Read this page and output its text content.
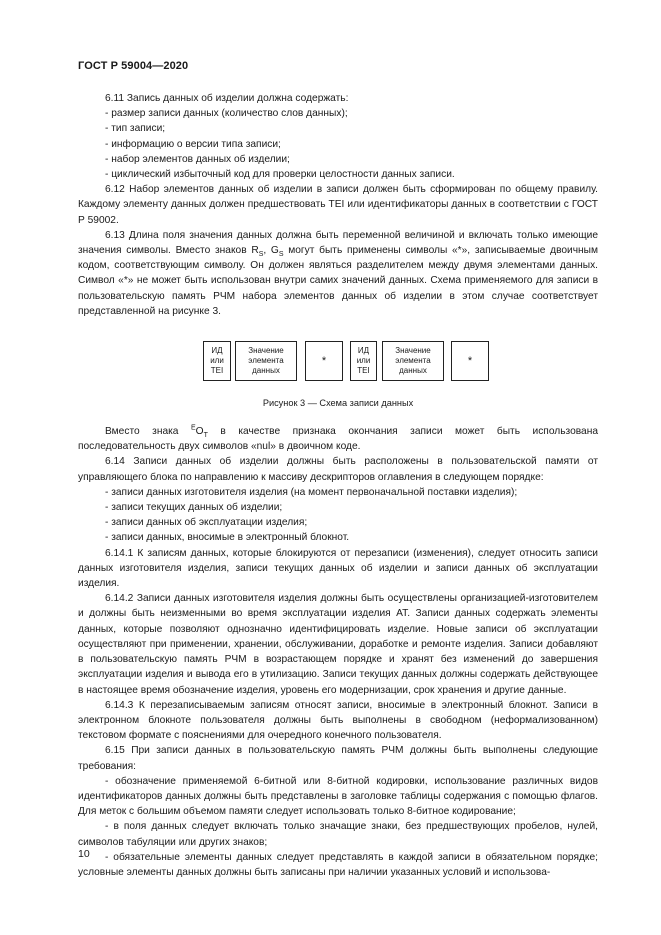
ГОСТ Р 59004—2020

6.11 Запись данных об изделии должна содержать:

- размер записи данных (количество слов данных);

- тип записи;

- информацию о версии типа записи;

- набор элементов данных об изделии;

- циклический избыточный код для проверки целостности данных записи.

6.12 Набор элементов данных об изделии в записи должен быть сформирован по общему правилу. Каждому элементу данных должен предшествовать TEI или идентификаторы данных в соответствии с ГОСТ Р 59002.

6.13 Длина поля значения данных должна быть переменной величиной и включать только имеющие значения символы. Вместо знаков $R_S$, $G_S$ могут быть применены символы «*», записываемые двоичным кодом, соответствующим символу. Он должен являться разделителем между двумя элементами данных. Символ «*» не может быть использован внутри самих значений данных. Схема применяемого для записи в пользовательскую память РЧМ набора элементов данных об изделии в этом случае соответствует представленной на рисунке 3.

ИД
или
TEI
Значение
элемента
данных
*
ИД
или
TEI
Значение
элемента
данных
*

Рисунок 3 — Схема записи данных

Вместо знака $^EO_T$ в качестве признака окончания записи может быть использована последовательность двух символов «nul» в двоичном коде.

6.14 Записи данных об изделии должны быть расположены в пользовательской памяти от управляющего блока по направлению к массиву дескрипторов оглавления в следующем порядке:

- записи данных изготовителя изделия (на момент первоначальной поставки изделия);

- записи текущих данных об изделии;

- записи данных об эксплуатации изделия;

- записи данных, вносимые в электронный блокнот.

6.14.1 К записям данных, которые блокируются от перезаписи (изменения), следует относить записи данных изготовителя изделия, записи текущих данных об изделии и записи данных об эксплуатации изделия.

6.14.2 Записи данных изготовителя изделия должны быть осуществлены организацией-изготовителем и должны быть неизменными во время эксплуатации изделия АТ. Записи данных содержать элементы данных, которые позволяют однозначно идентифицировать изделие. Новые записи об эксплуатации осуществляют при применении, хранении, обслуживании, доработке и ремонте изделия. Записи добавляют в пользовательскую память РЧМ в возрастающем порядке и хранят без изменений до завершения эксплуатации изделия и вывода его в утилизацию. Записи текущих данных должны содержать действующее в настоящее время обозначение изделия, уровень его модернизации, срок хранения и другие данные.

6.14.3 К перезаписываемым записям относят записи, вносимые в электронный блокнот. Записи в электронном блокноте пользователя должны быть выполнены в свободном (неформализованном) текстовом формате с пояснениями для очередного конечного пользователя.

6.15 При записи данных в пользовательскую память РЧМ должны быть выполнены следующие требования:

- обозначение применяемой 6-битной или 8-битной кодировки, использование различных видов идентификаторов данных должны быть представлены в заголовке таблицы содержания с помощью флагов. Для меток с большим объемом памяти следует использовать только 8-битное кодирование;

- в поля данных следует включать только значащие знаки, без предшествующих пробелов, нулей, символов табуляции или других знаков;

- обязательные элементы данных следует представлять в каждой записи в обязательном порядке; условные элементы данных должны быть записаны при наличии указанных условий и использова-

10
